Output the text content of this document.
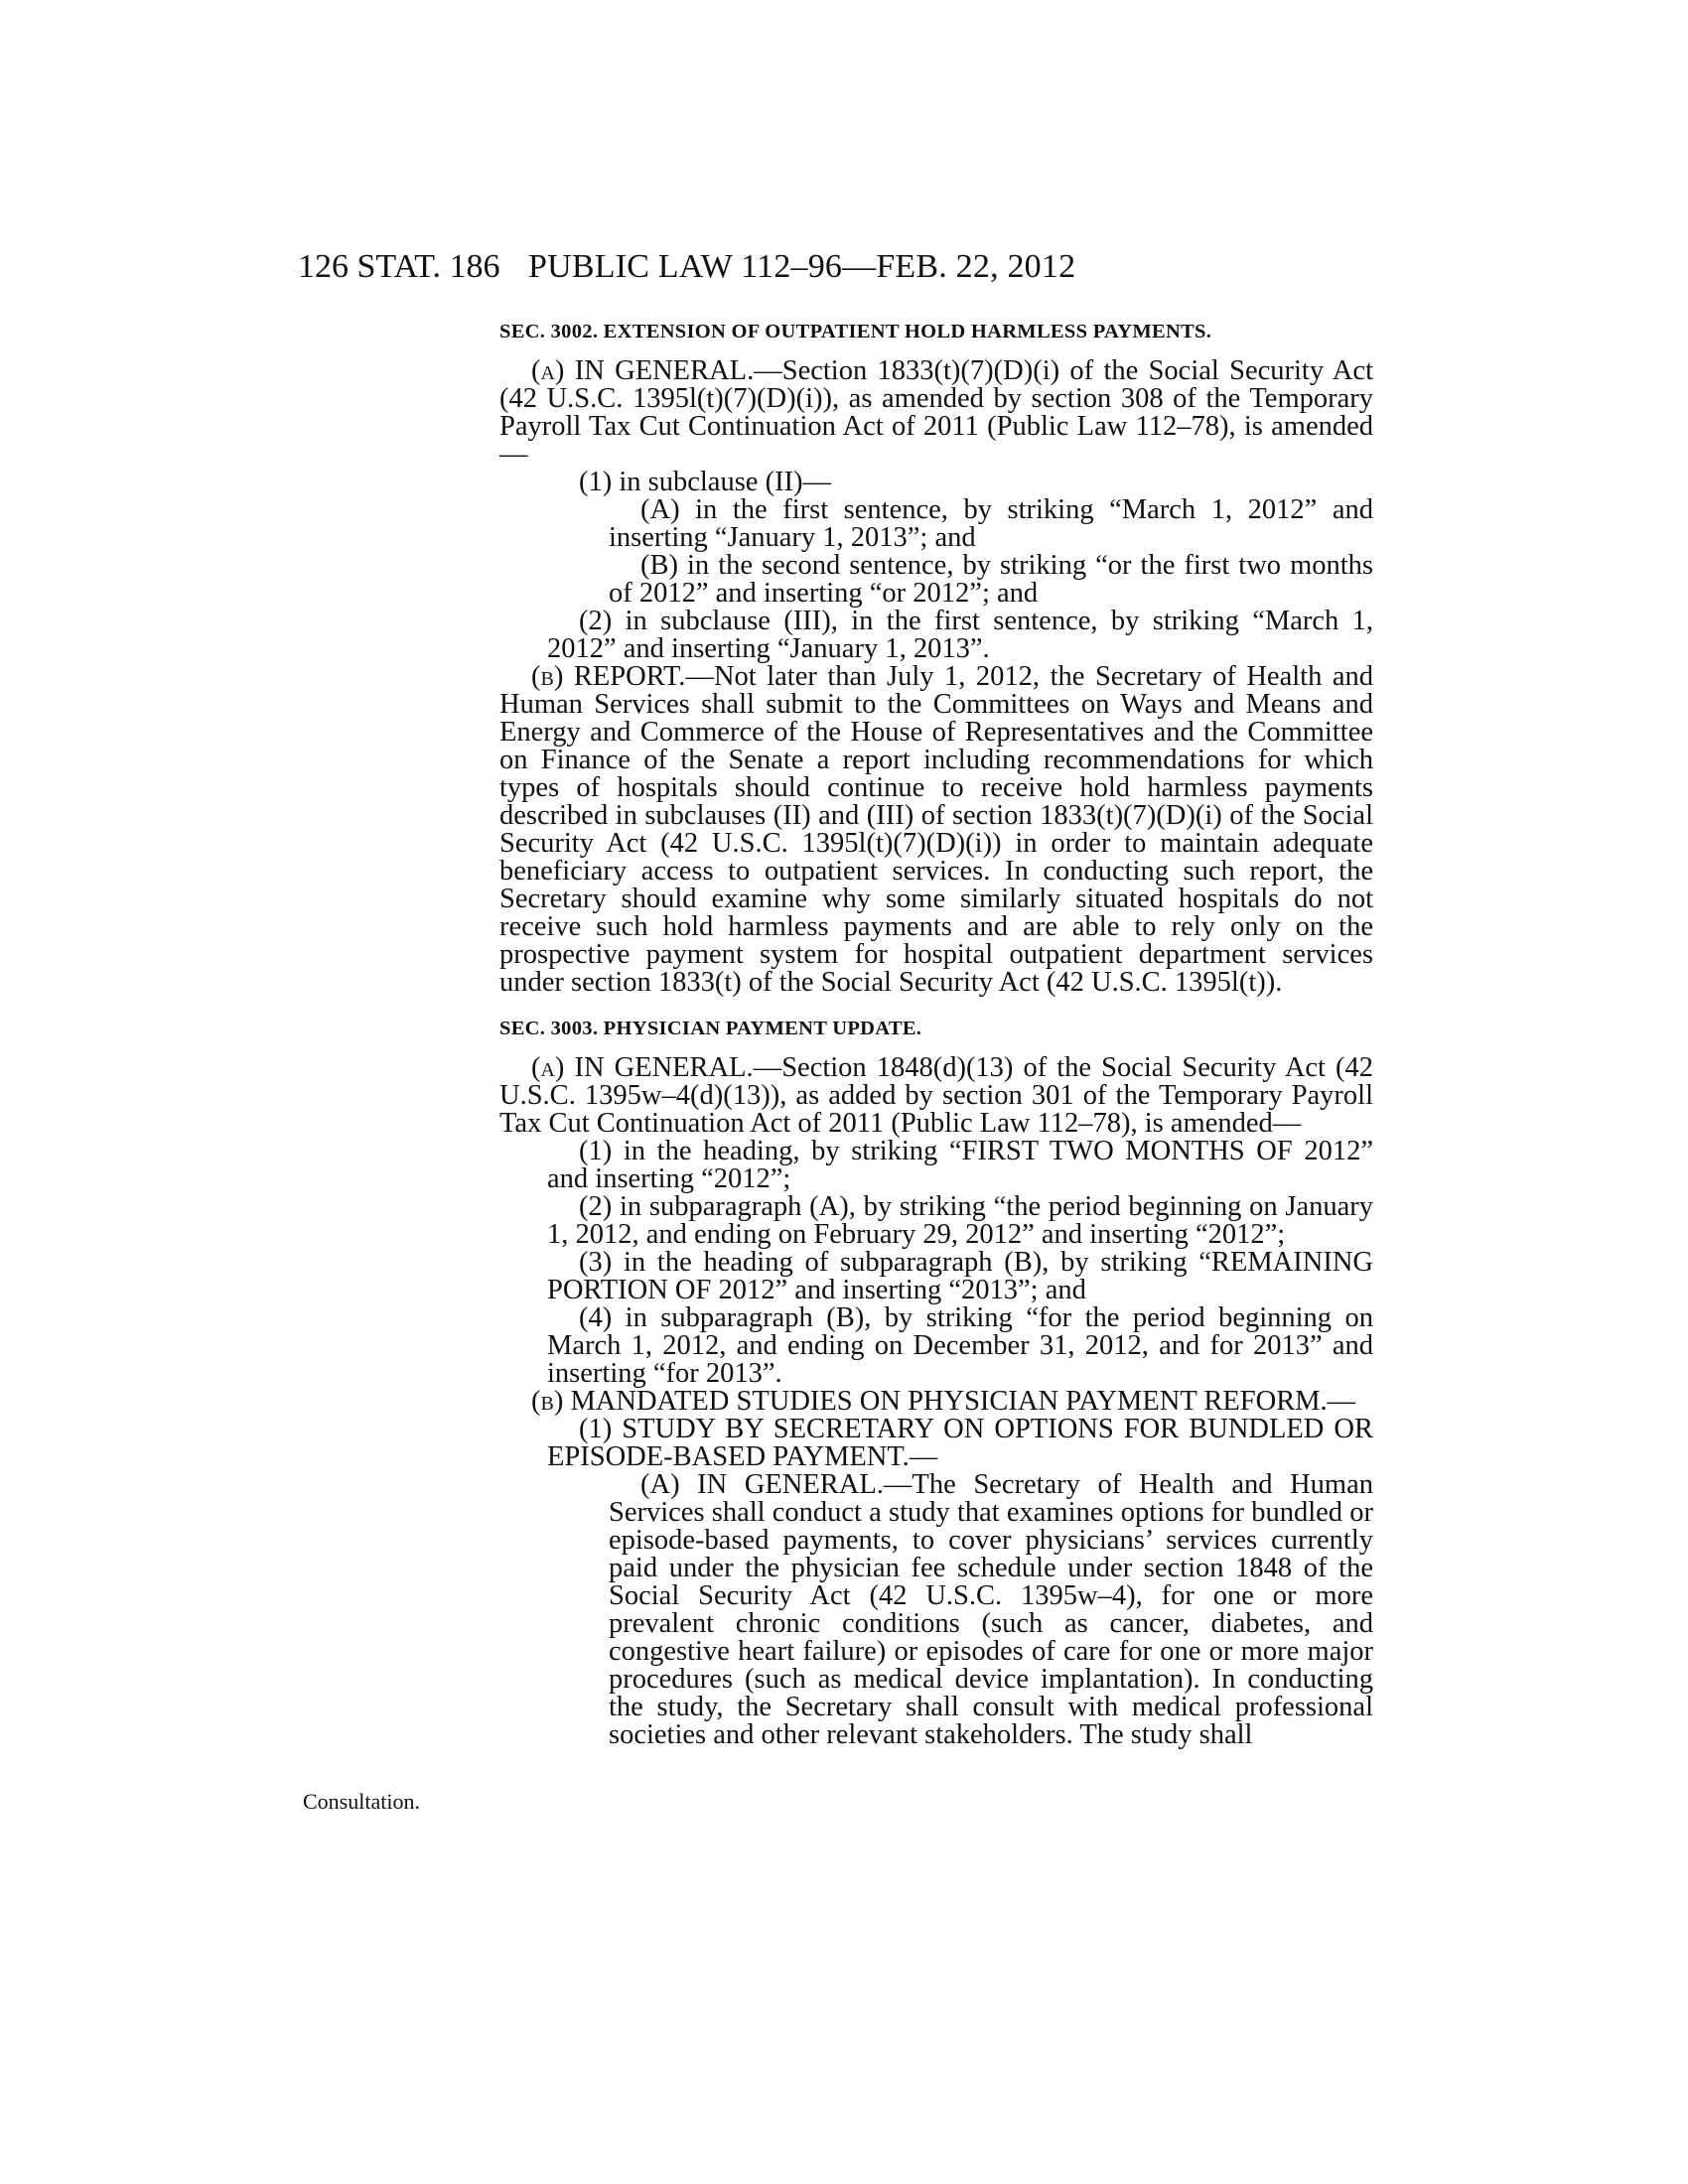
126 STAT. 186 PUBLIC LAW 112–96—FEB. 22, 2012
Consultation.

SEC. 3002. EXTENSION OF OUTPATIENT HOLD HARMLESS PAYMENTS.

(a) IN GENERAL.—Section 1833(t)(7)(D)(i) of the Social Security Act (42 U.S.C. 1395l(t)(7)(D)(i)), as amended by section 308 of the Temporary Payroll Tax Cut Continuation Act of 2011 (Public Law 112–78), is amended—

(1) in subclause (II)—

(A) in the first sentence, by striking “March 1, 2012” and inserting “January 1, 2013”; and

(B) in the second sentence, by striking “or the first two months of 2012” and inserting “or 2012”; and

(2) in subclause (III), in the first sentence, by striking “March 1, 2012” and inserting “January 1, 2013”.

(b) REPORT.—Not later than July 1, 2012, the Secretary of Health and Human Services shall submit to the Committees on Ways and Means and Energy and Commerce of the House of Representatives and the Committee on Finance of the Senate a report including recommendations for which types of hospitals should continue to receive hold harmless payments described in subclauses (II) and (III) of section 1833(t)(7)(D)(i) of the Social Security Act (42 U.S.C. 1395l(t)(7)(D)(i)) in order to maintain adequate beneficiary access to outpatient services. In conducting such report, the Secretary should examine why some similarly situated hospitals do not receive such hold harmless payments and are able to rely only on the prospective payment system for hospital outpatient department services under section 1833(t) of the Social Security Act (42 U.S.C. 1395l(t)).

SEC. 3003. PHYSICIAN PAYMENT UPDATE.

(a) IN GENERAL.—Section 1848(d)(13) of the Social Security Act (42 U.S.C. 1395w–4(d)(13)), as added by section 301 of the Temporary Payroll Tax Cut Continuation Act of 2011 (Public Law 112–78), is amended—

(1) in the heading, by striking “FIRST TWO MONTHS OF 2012” and inserting “2012”;

(2) in subparagraph (A), by striking “the period beginning on January 1, 2012, and ending on February 29, 2012” and inserting “2012”;

(3) in the heading of subparagraph (B), by striking “REMAINING PORTION OF 2012” and inserting “2013”; and

(4) in subparagraph (B), by striking “for the period beginning on March 1, 2012, and ending on December 31, 2012, and for 2013” and inserting “for 2013”.

(b) MANDATED STUDIES ON PHYSICIAN PAYMENT REFORM.—

(1) STUDY BY SECRETARY ON OPTIONS FOR BUNDLED OR EPISODE-BASED PAYMENT.—

(A) IN GENERAL.—The Secretary of Health and Human Services shall conduct a study that examines options for bundled or episode-based payments, to cover physicians’ services currently paid under the physician fee schedule under section 1848 of the Social Security Act (42 U.S.C. 1395w–4), for one or more prevalent chronic conditions (such as cancer, diabetes, and congestive heart failure) or episodes of care for one or more major procedures (such as medical device implantation). In conducting the study, the Secretary shall consult with medical professional societies and other relevant stakeholders. The study shall
